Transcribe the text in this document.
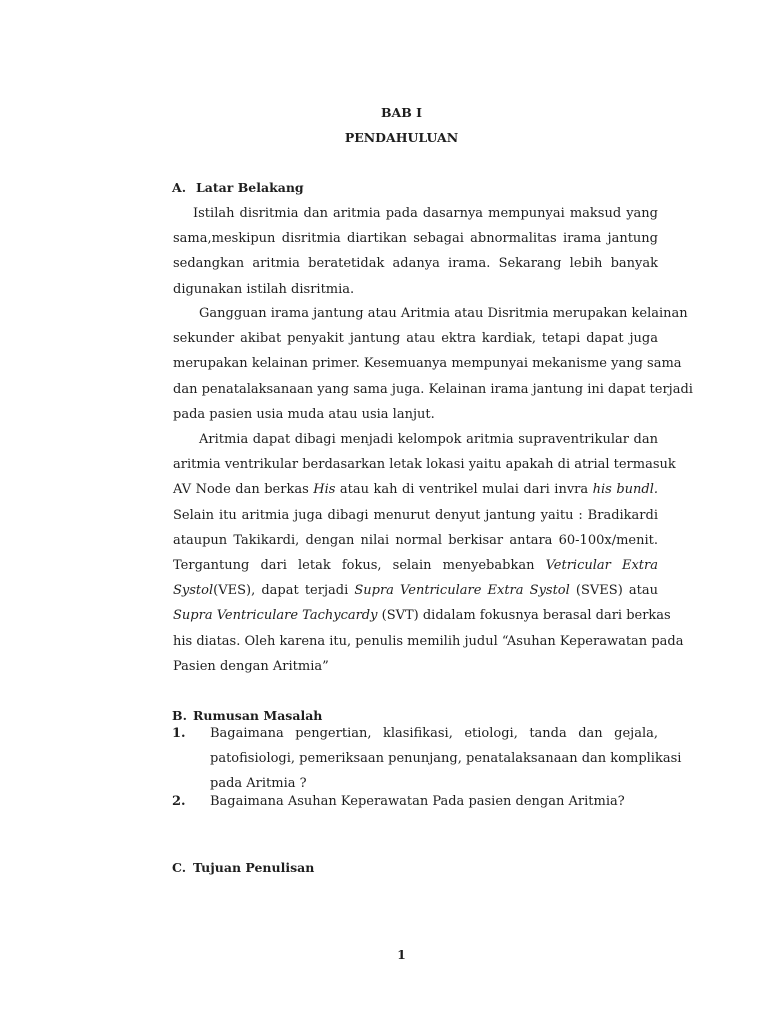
BAB I
PENDAHULUAN
A. Latar Belakang
Istilah disritmia dan aritmia pada dasarnya mempunyai maksud yang
sama,meskipun disritmia diartikan sebagai abnormalitas irama jantung
sedangkan aritmia beratetidak adanya irama. Sekarang lebih banyak
digunakan istilah disritmia.
Gangguan irama jantung atau Aritmia atau Disritmia merupakan kelainan
sekunder akibat penyakit jantung atau ektra kardiak, tetapi dapat juga
merupakan kelainan primer. Kesemuanya mempunyai mekanisme yang sama
dan penatalaksanaan yang sama juga. Kelainan irama jantung ini dapat terjadi
pada pasien usia muda atau usia lanjut.
Aritmia dapat dibagi menjadi kelompok aritmia supraventrikular dan
aritmia ventrikular berdasarkan letak lokasi yaitu apakah di atrial termasuk
AV Node dan berkas His atau kah di ventrikel mulai dari invra his bundl.
Selain itu aritmia juga dibagi menurut denyut jantung yaitu : Bradikardi
ataupun Takikardi, dengan nilai normal berkisar antara 60-100x/menit.
Tergantung dari letak fokus, selain menyebabkan Vetricular Extra
Systol(VES), dapat terjadi Supra Ventriculare Extra Systol (SVES) atau
Supra Ventriculare Tachycardy (SVT) didalam fokusnya berasal dari berkas
his diatas. Oleh karena itu, penulis memilih judul “Asuhan Keperawatan pada
Pasien dengan Aritmia”
B. Rumusan Masalah
1. Bagaimana pengertian, klasifikasi, etiologi, tanda dan gejala,
patofisiologi, pemeriksaan penunjang, penatalaksanaan dan komplikasi
pada Aritmia ?
2. Bagaimana Asuhan Keperawatan Pada pasien dengan Aritmia?
C. Tujuan Penulisan
1
